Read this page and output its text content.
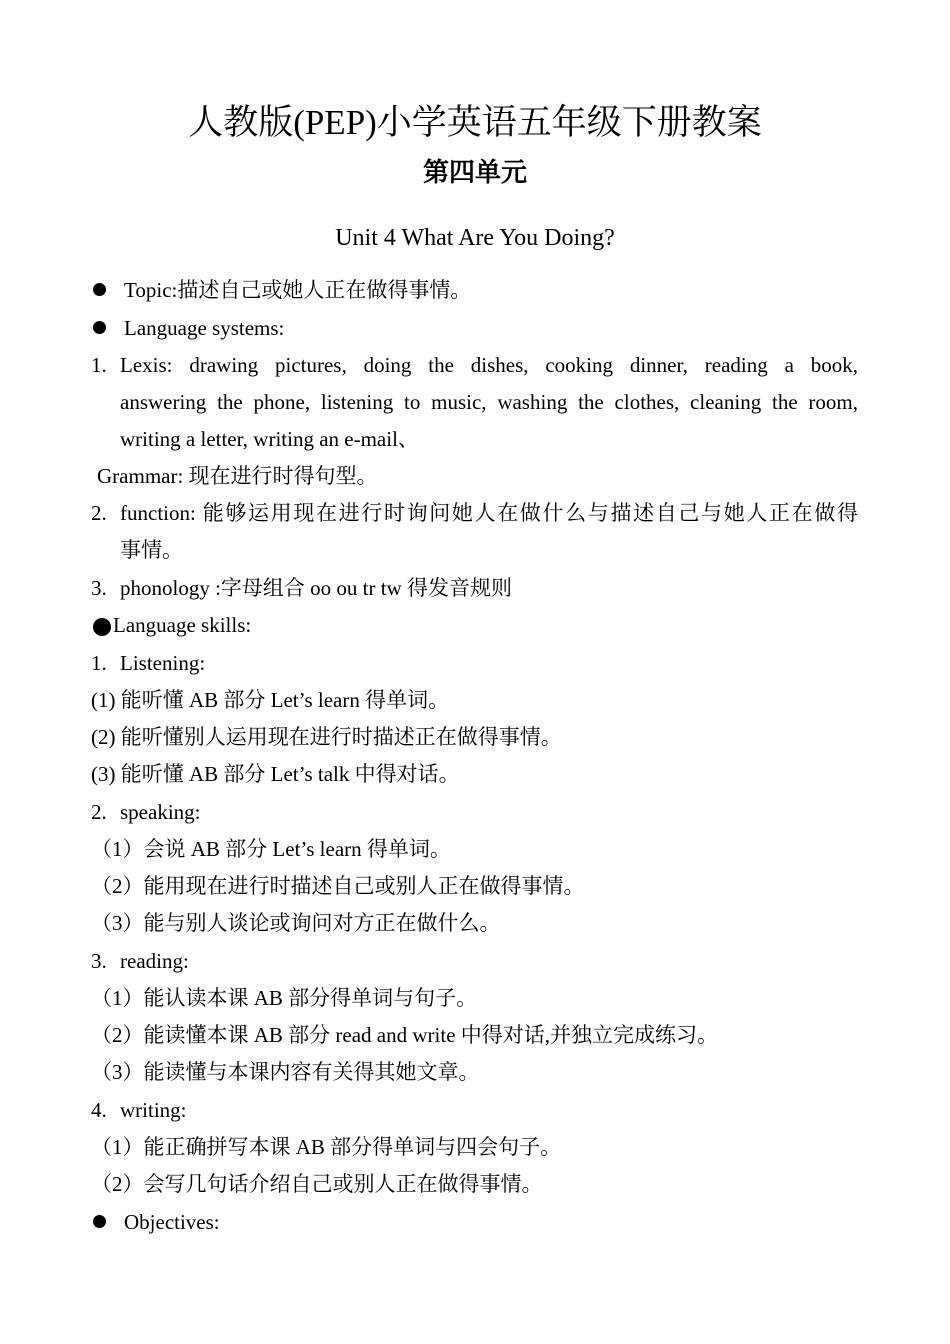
人教版(PEP)小学英语五年级下册教案
第四单元
Unit 4 What Are You Doing?
Topic:描述自己或她人正在做得事情。
Language systems:
1. Lexis: drawing pictures, doing the dishes, cooking dinner, reading a book,
answering the phone, listening to music, washing the clothes, cleaning the room,
writing a letter, writing an e-mail、
Grammar: 现在进行时得句型。
2. function: 能够运用现在进行时询问她人在做什么与描述自己与她人正在做得
事情。
3. phonology :字母组合 oo ou tr tw 得发音规则
Language skills:
1. Listening:
(1) 能听懂 AB 部分 Let’s learn 得单词。
(2) 能听懂别人运用现在进行时描述正在做得事情。
(3) 能听懂 AB 部分 Let’s talk 中得对话。
2. speaking:
（1）会说 AB 部分 Let’s learn 得单词。
（2）能用现在进行时描述自己或别人正在做得事情。
（3）能与别人谈论或询问对方正在做什么。
3. reading:
（1）能认读本课 AB 部分得单词与句子。
（2）能读懂本课 AB 部分 read and write 中得对话,并独立完成练习。
（3）能读懂与本课内容有关得其她文章。
4. writing:
（1）能正确拼写本课 AB 部分得单词与四会句子。
（2）会写几句话介绍自己或别人正在做得事情。
Objectives:
